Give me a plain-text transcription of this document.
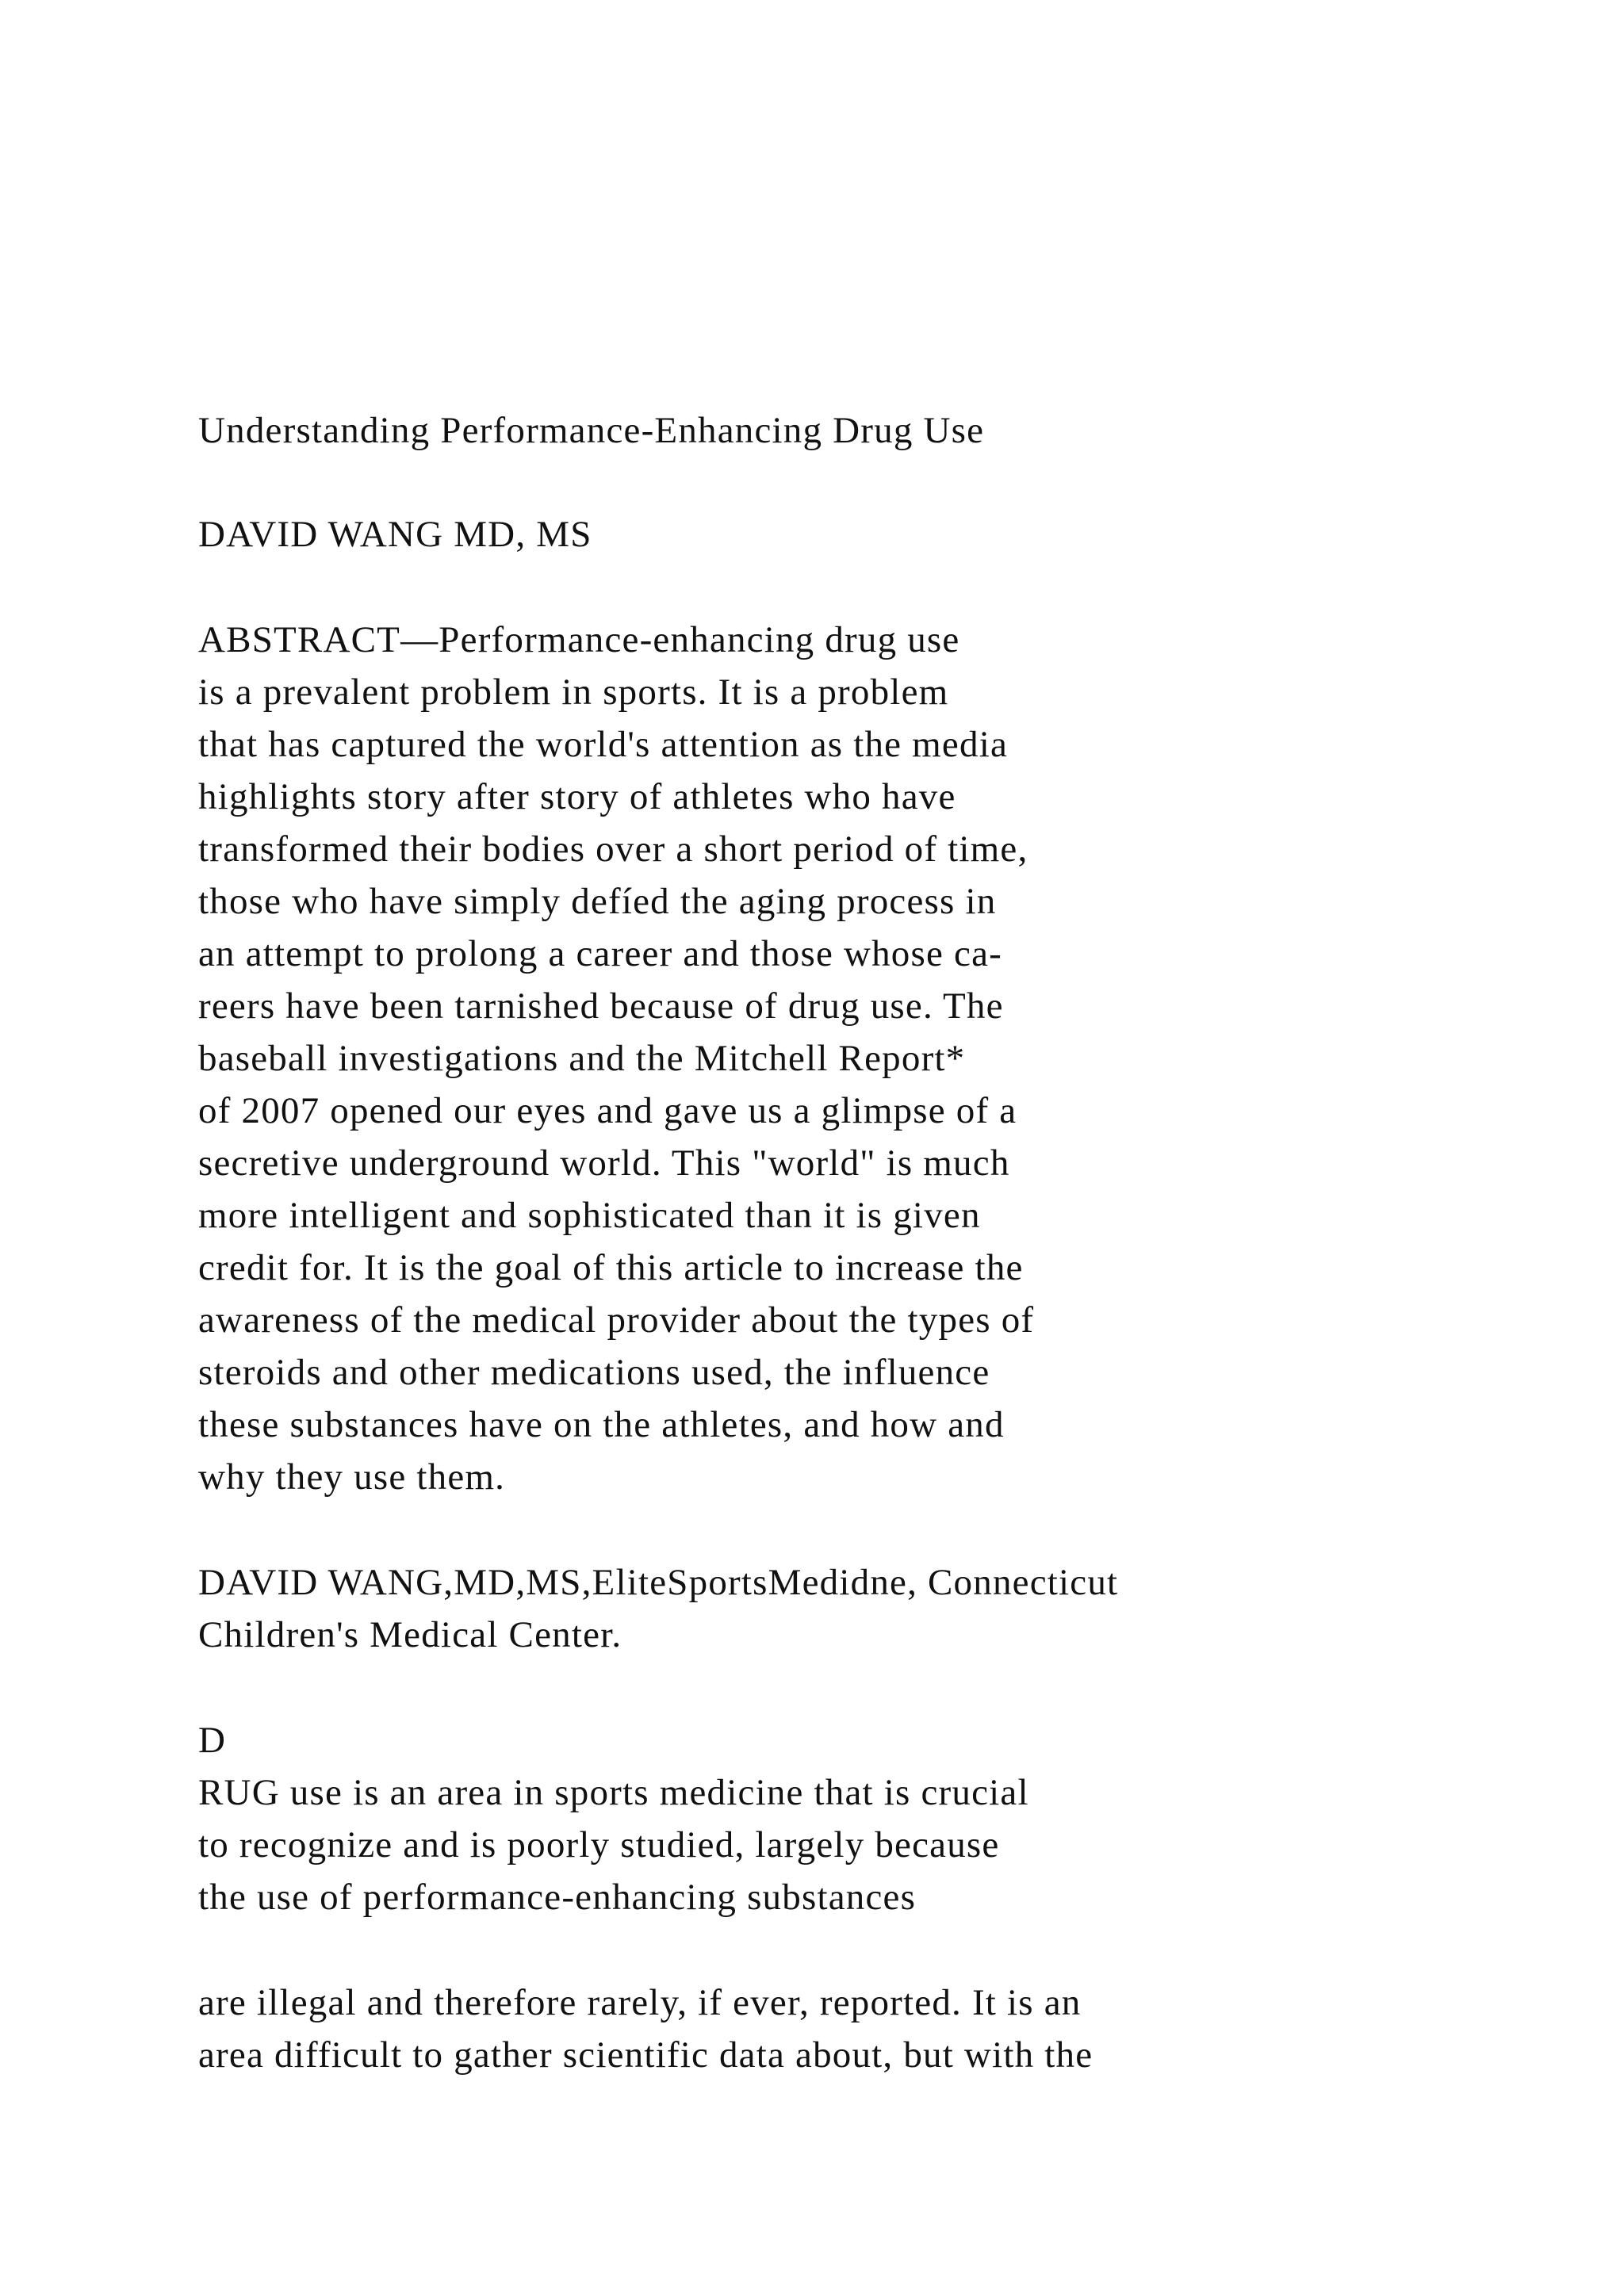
Understanding Performance-Enhancing Drug Use

DAVID WANG MD, MS

ABSTRACT—Performance-enhancing drug use

is a prevalent problem in sports. It is a problem

that has captured the world's attention as the media

highlights story after story of athletes who have

transformed their bodies over a short period of time,

those who have simply defíed the aging process in

an attempt to prolong a career and those whose ca-

reers have been tarnished because of drug use. The

baseball investigations and the Mitchell Report*

of 2007 opened our eyes and gave us a glimpse of a

secretive underground world. This "world" is much

more intelligent and sophisticated than it is given

credit for. It is the goal of this article to increase the

awareness of the medical provider about the types of

steroids and other medications used, the influence

these substances have on the athletes, and how and

why they use them.

DAVID WANG,MD,MS,EliteSportsMedidne, Connecticut

Children's Medical Center.

D

RUG use is an area in sports medicine that is crucial

to recognize and is poorly studied, largely because

the use of performance-enhancing substances

are illegal and therefore rarely, if ever, reported. It is an

area difficult to gather scientific data about, but with the
